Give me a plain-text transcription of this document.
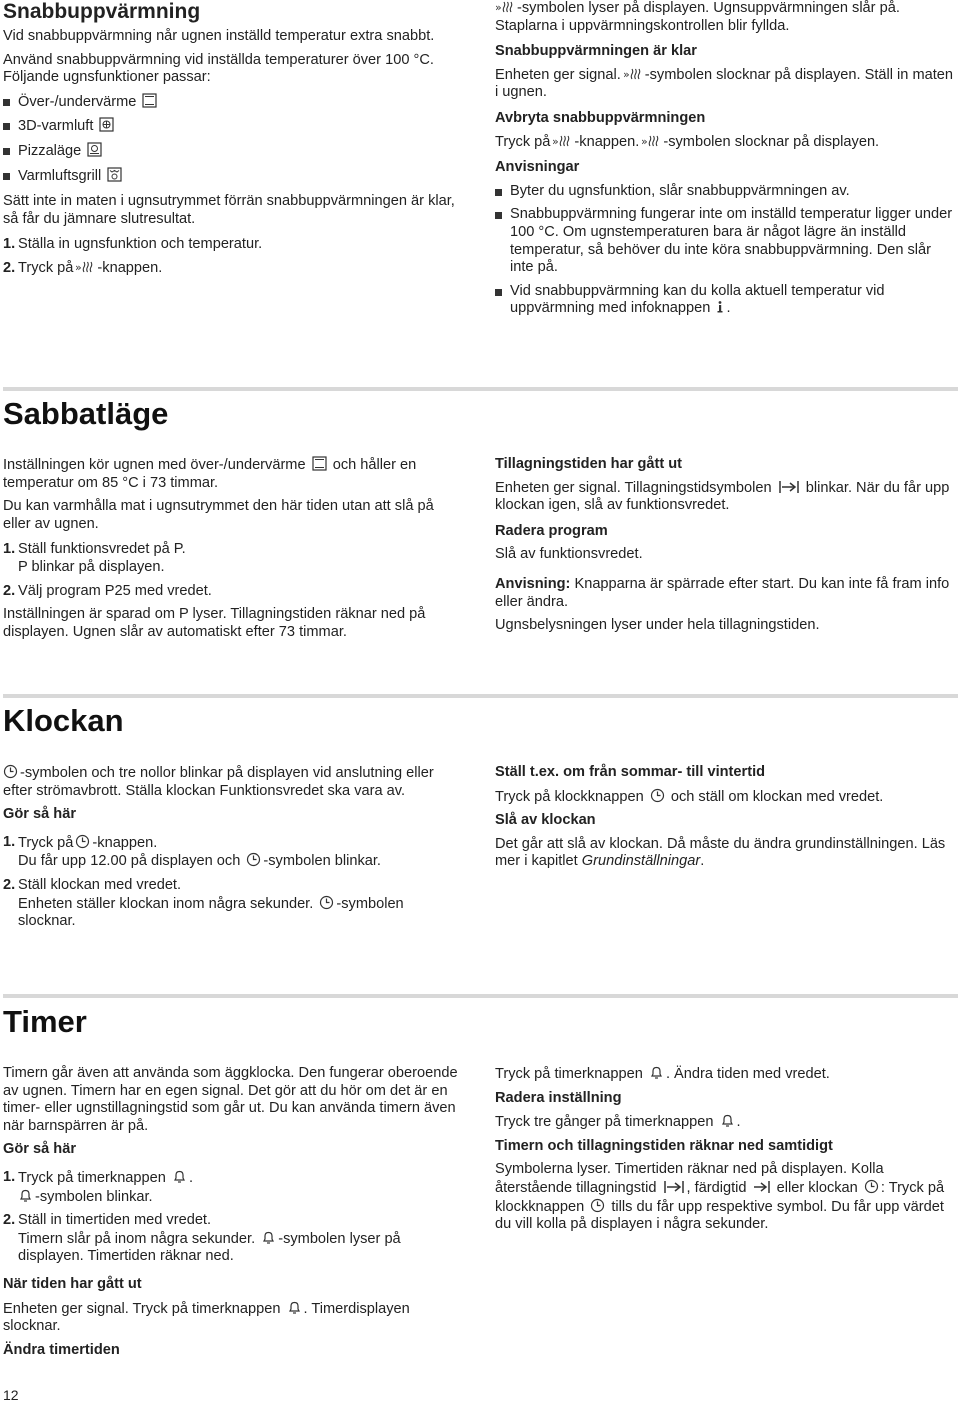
Snabbuppvärmning

Vid snabbuppvärmning når ugnen inställd temperatur extra snabbt.

Använd snabbuppvärmning vid inställda temperaturer över 100 °C. Följande ugnsfunktioner passar:

Över-/undervärme
3D-varmluft
Pizzaläge
Varmluftsgrill

Sätt inte in maten i ugnsutrymmet förrän snabbuppvärmningen är klar, så får du jämnare slutresultat.

1. Ställa in ugnsfunktion och temperatur.
2. Tryck på » -knappen.

» -symbolen lyser på displayen. Ugnsuppvärmningen slår på. Staplarna i uppvärmningskontrollen blir fyllda.

Snabbuppvärmningen är klar

Enheten ger signal. » -symbolen slocknar på displayen. Ställ in maten i ugnen.

Avbryta snabbuppvärmningen

Tryck på » -knappen. » -symbolen slocknar på displayen.

Anvisningar
Byter du ugnsfunktion, slår snabbuppvärmningen av.
Snabbuppvärmning fungerar inte om inställd temperatur ligger under 100 °C. Om ugnstemperaturen bara är något lägre än inställd temperatur, så behöver du inte köra snabbuppvärmning. Den slår inte på.
Vid snabbuppvärmning kan du kolla aktuell temperatur vid uppvärmning med infoknappen .
Sabbatläge

Inställningen kör ugnen med över-/undervärme och håller en temperatur om 85 °C i 73 timmar.

Du kan varmhålla mat i ugnsutrymmet den här tiden utan att slå på eller av ugnen.

1. Ställ funktionsvredet på P.
P blinkar på displayen.
2. Välj program P25 med vredet.

Inställningen är sparad om P lyser. Tillagningstiden räknar ned på displayen. Ugnen slår av automatiskt efter 73 timmar.

Tillagningstiden har gått ut

Enheten ger signal. Tillagningstidsymbolen blinkar. När du får upp klockan igen, slå av funktionsvredet.

Radera program

Slå av funktionsvredet.

Anvisning: Knapparna är spärrade efter start. Du kan inte få fram info eller ändra.

Ugnsbelysningen lyser under hela tillagningstiden.

Klockan

-symbolen och tre nollor blinkar på displayen vid anslutning eller efter strömavbrott. Ställa klockan Funktionsvredet ska vara av.

Gör så här
1. Tryck på -knappen.
Du får upp 12.00 på displayen och -symbolen blinkar.
2. Ställ klockan med vredet.
Enheten ställer klockan inom några sekunder. -symbolen slocknar.
Ställ t.ex. om från sommar- till vintertid

Tryck på klockknappen och ställ om klockan med vredet.

Slå av klockan

Det går att slå av klockan. Då måste du ändra grundinställningen. Läs mer i kapitlet Grundinställningar.

Timer

Timern går även att använda som äggklocka. Den fungerar oberoende av ugnen. Timern har en egen signal. Det gör att du hör om det är en timer- eller ugnstillagningstid som går ut. Du kan använda timern även när barnspärren är på.

Gör så här
1. Tryck på timerknappen .

-symbolen blinkar.
2. Ställ in timertiden med vredet.
Timern slår på inom några sekunder. -symbolen lyser på displayen. Timertiden räknar ned.
När tiden har gått ut

Enheten ger signal. Tryck på timerknappen . Timerdisplayen slocknar.

Ändra timertiden

Tryck på timerknappen . Ändra tiden med vredet.

Radera inställning

Tryck tre gånger på timerknappen .

Timern och tillagningstiden räknar ned samtidigt

Symbolerna lyser. Timertiden räknar ned på displayen. Kolla återstående tillagningstid , färdigtid eller klockan : Tryck på klockknappen tills du får upp respektive symbol. Du får upp värdet du vill kolla på displayen i några sekunder.

12
